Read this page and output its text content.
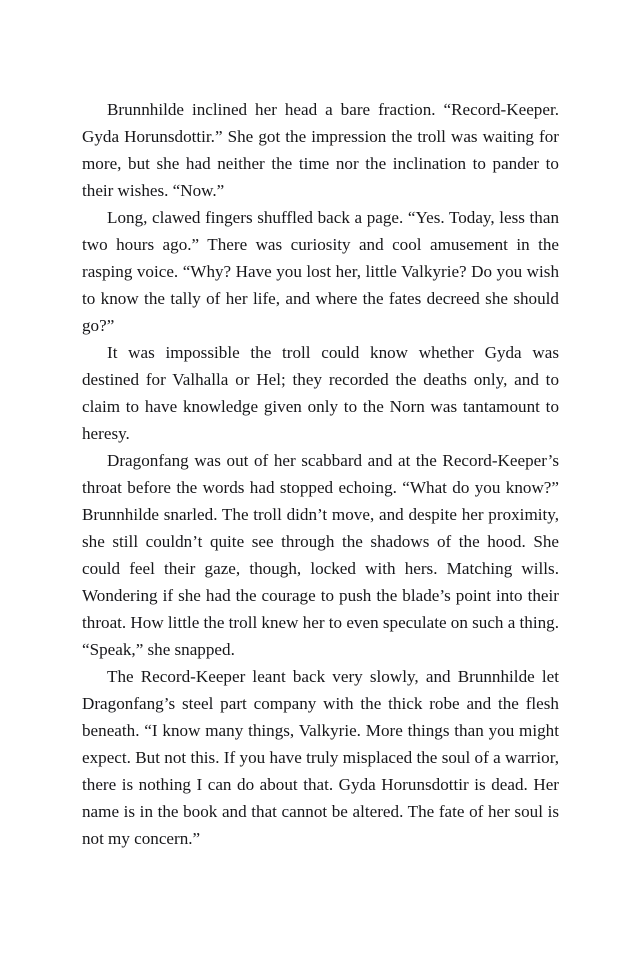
Brunnhilde inclined her head a bare fraction. “Record-Keeper. Gyda Horunsdottir.” She got the impression the troll was waiting for more, but she had neither the time nor the inclination to pander to their wishes. “Now.”

Long, clawed fingers shuffled back a page. “Yes. Today, less than two hours ago.” There was curiosity and cool amusement in the rasping voice. “Why? Have you lost her, little Valkyrie? Do you wish to know the tally of her life, and where the fates decreed she should go?”

It was impossible the troll could know whether Gyda was destined for Valhalla or Hel; they recorded the deaths only, and to claim to have knowledge given only to the Norn was tantamount to heresy.

Dragonfang was out of her scabbard and at the Record-Keeper’s throat before the words had stopped echoing. “What do you know?” Brunnhilde snarled. The troll didn’t move, and despite her proximity, she still couldn’t quite see through the shadows of the hood. She could feel their gaze, though, locked with hers. Matching wills. Wondering if she had the courage to push the blade’s point into their throat. How little the troll knew her to even speculate on such a thing. “Speak,” she snapped.

The Record-Keeper leant back very slowly, and Brunnhilde let Dragonfang’s steel part company with the thick robe and the flesh beneath. “I know many things, Valkyrie. More things than you might expect. But not this. If you have truly misplaced the soul of a warrior, there is nothing I can do about that. Gyda Horunsdottir is dead. Her name is in the book and that cannot be altered. The fate of her soul is not my concern.”
